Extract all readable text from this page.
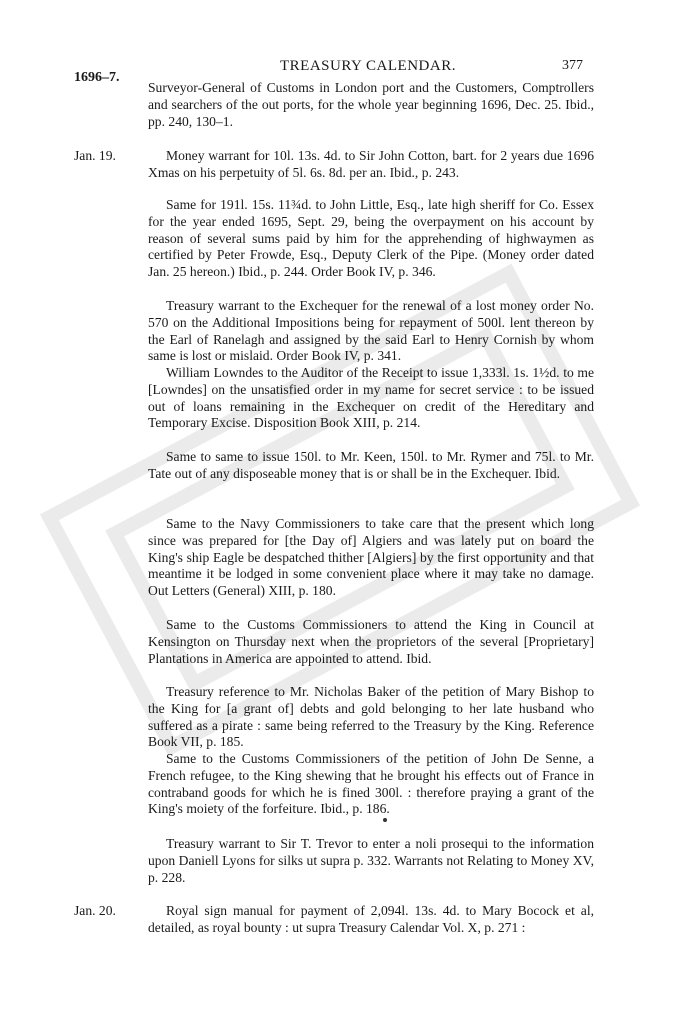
1696–7.
TREASURY CALENDAR.	377

Surveyor-General of Customs in London port and the Customers, Comptrollers and searchers of the out ports, for the whole year beginning 1696, Dec. 25. Ibid., pp. 240, 130–1.

Jan. 19.	Money warrant for 10l. 13s. 4d. to Sir John Cotton, bart. for 2 years due 1696 Xmas on his perpetuity of 5l. 6s. 8d. per an. Ibid., p. 243.

Same for 191l. 15s. 11¾d. to John Little, Esq., late high sheriff for Co. Essex for the year ended 1695, Sept. 29, being the overpayment on his account by reason of several sums paid by him for the apprehending of highwaymen as certified by Peter Frowde, Esq., Deputy Clerk of the Pipe. (Money order dated Jan. 25 hereon.) Ibid., p. 244. Order Book IV, p. 346.

Treasury warrant to the Exchequer for the renewal of a lost money order No. 570 on the Additional Impositions being for repayment of 500l. lent thereon by the Earl of Ranelagh and assigned by the said Earl to Henry Cornish by whom same is lost or mislaid. Order Book IV, p. 341.

William Lowndes to the Auditor of the Receipt to issue 1,333l. 1s. 1½d. to me [Lowndes] on the unsatisfied order in my name for secret service : to be issued out of loans remaining in the Exchequer on credit of the Hereditary and Temporary Excise. Disposition Book XIII, p. 214.

Same to same to issue 150l. to Mr. Keen, 150l. to Mr. Rymer and 75l. to Mr. Tate out of any disposeable money that is or shall be in the Exchequer. Ibid.

Same to the Navy Commissioners to take care that the present which long since was prepared for [the Day of] Algiers and was lately put on board the King's ship Eagle be despatched thither [Algiers] by the first opportunity and that meantime it be lodged in some convenient place where it may take no damage. Out Letters (General) XIII, p. 180.

Same to the Customs Commissioners to attend the King in Council at Kensington on Thursday next when the proprietors of the several [Proprietary] Plantations in America are appointed to attend. Ibid.

Treasury reference to Mr. Nicholas Baker of the petition of Mary Bishop to the King for [a grant of] debts and gold belonging to her late husband who suffered as a pirate : same being referred to the Treasury by the King. Reference Book VII, p. 185.

Same to the Customs Commissioners of the petition of John De Senne, a French refugee, to the King shewing that he brought his effects out of France in contraband goods for which he is fined 300l. : therefore praying a grant of the King's moiety of the forfeiture. Ibid., p. 186.

Treasury warrant to Sir T. Trevor to enter a noli prosequi to the information upon Daniell Lyons for silks ut supra p. 332. Warrants not Relating to Money XV, p. 228.

Jan. 20.	Royal sign manual for payment of 2,094l. 13s. 4d. to Mary Bocock et al, detailed, as royal bounty : ut supra Treasury Calendar Vol. X, p. 271 :
